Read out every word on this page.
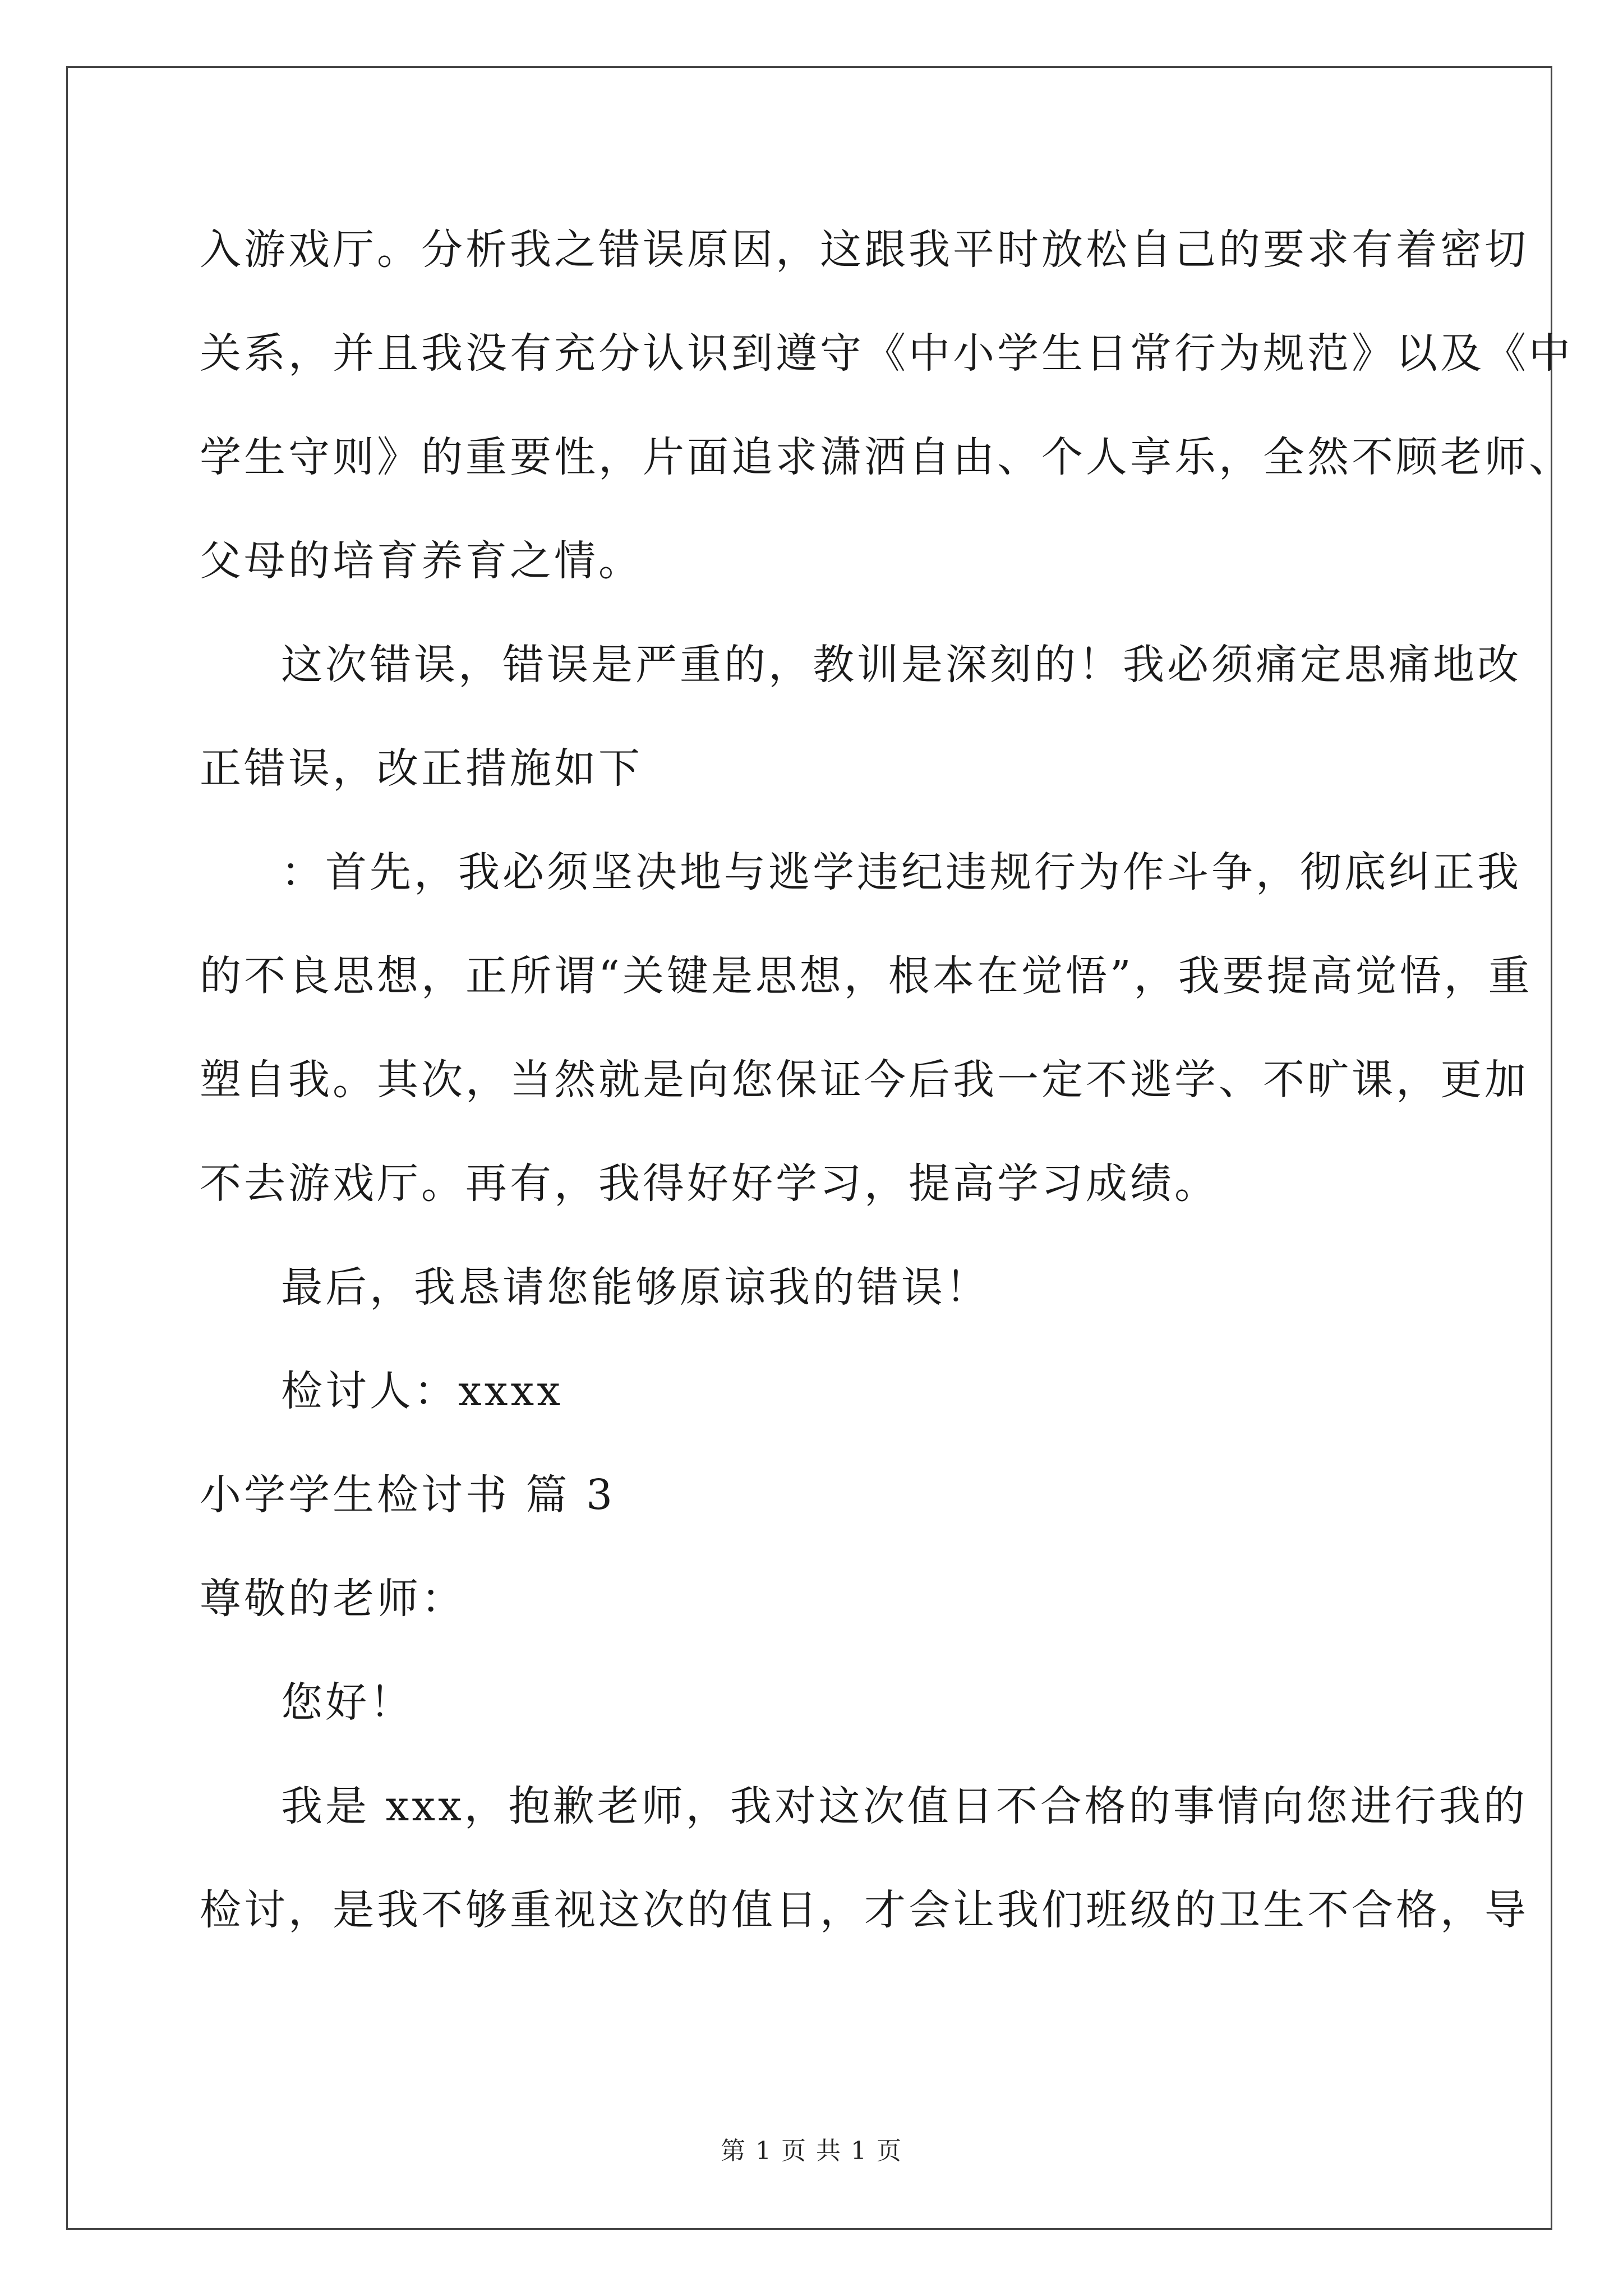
入游戏厅。分析我之错误原因，这跟我平时放松自己的要求有着密切
关系，并且我没有充分认识到遵守《中小学生日常行为规范》以及《中
学生守则》的重要性，片面追求潇洒自由、个人享乐，全然不顾老师、
父母的培育养育之情。
这次错误，错误是严重的，教训是深刻的！我必须痛定思痛地改
正错误，改正措施如下
：首先，我必须坚决地与逃学违纪违规行为作斗争，彻底纠正我
的不良思想，正所谓“关键是思想，根本在觉悟”，我要提高觉悟，重
塑自我。其次，当然就是向您保证今后我一定不逃学、不旷课，更加
不去游戏厅。再有，我得好好学习，提高学习成绩。
最后，我恳请您能够原谅我的错误！
检讨人：xxxx
小学学生检讨书 篇 3
尊敬的老师：
您好！
我是 xxx，抱歉老师，我对这次值日不合格的事情向您进行我的
检讨，是我不够重视这次的值日，才会让我们班级的卫生不合格，导
第 1 页 共 1 页
